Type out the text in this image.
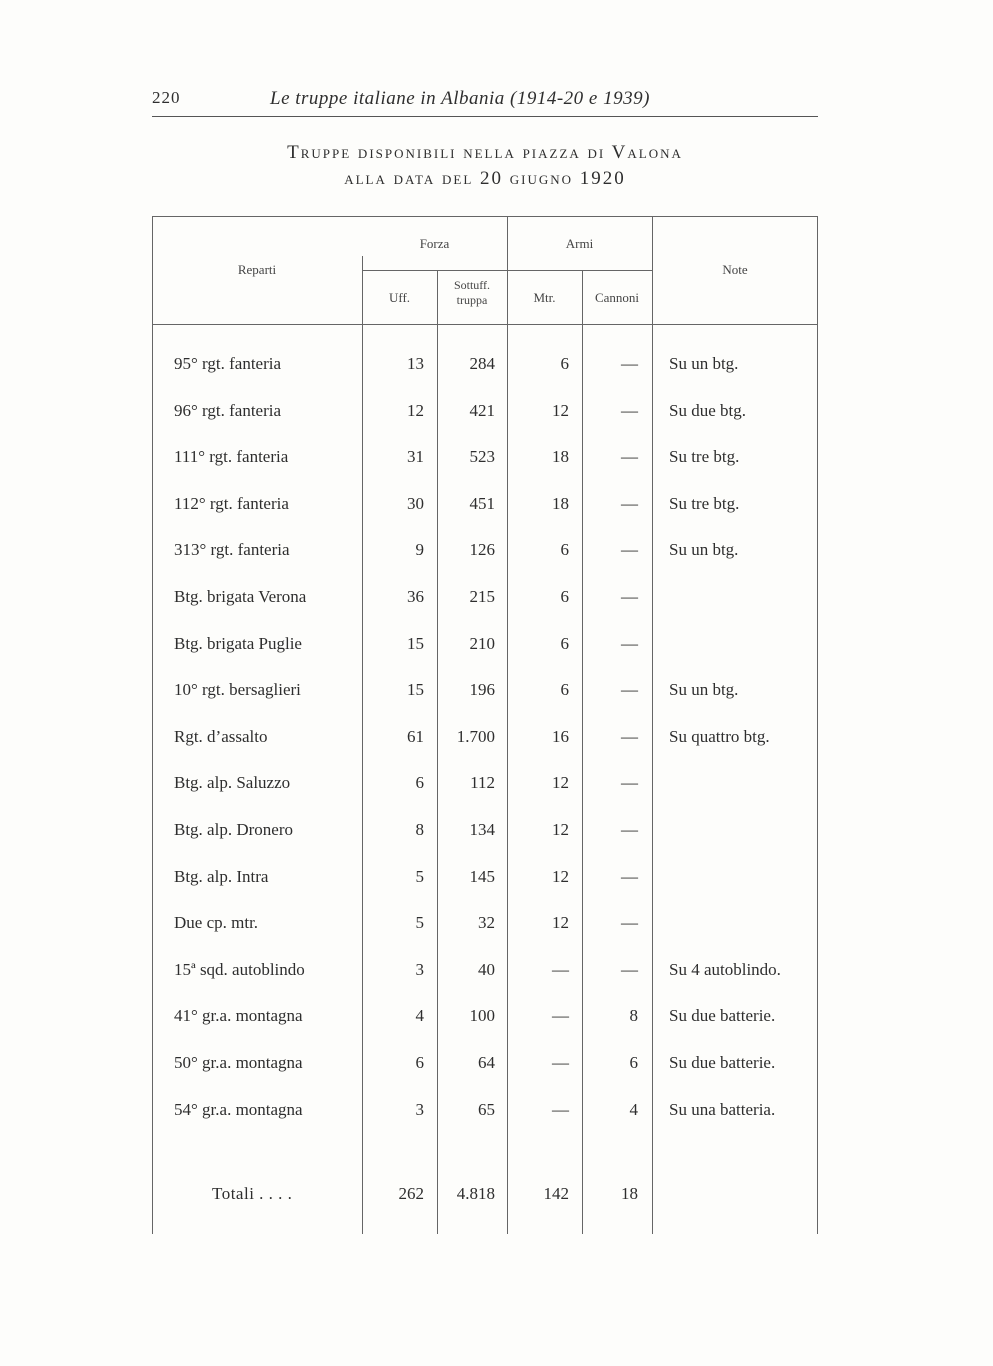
220	Le truppe italiane in Albania (1914-20 e 1939)
Truppe disponibili nella piazza di Valona
alla data del 20 giugno 1920
Reparti
Forza	Armi
Note
Uff.
Sottuff.
truppa	Mtr.	Cannoni
95° rgt. fanteria	13	284	6	— Su un btg.
96° rgt. fanteria	12	421	12	— Su due btg.
111° rgt. fanteria	31	523	18	— Su tre btg.
112° rgt. fanteria	30	451	18	— Su tre btg.
313° rgt. fanteria	9	126	6	— Su un btg.
Btg. brigata Verona	36	215	6	—
Btg. brigata Puglie	15	210	6	—
10° rgt. bersaglieri	15	196	6	— Su un btg.
Rgt. d’assalto	61	1.700	16	— Su quattro btg.
Btg. alp. Saluzzo	6	112	12	—
Btg. alp. Dronero	8	134	12	—
Btg. alp. Intra	5	145	12	—
Due cp. mtr.	5	32	12	—
15ª sqd. autoblindo	3	40	—	— Su 4 autoblindo.
41° gr.a. montagna	4	100	—	8 Su due batterie.
50° gr.a. montagna	6	64	—	6 Su due batterie.
54° gr.a. montagna	3	65	—	4 Su una batteria.
Totali . . . .	262	4.818	142	18
